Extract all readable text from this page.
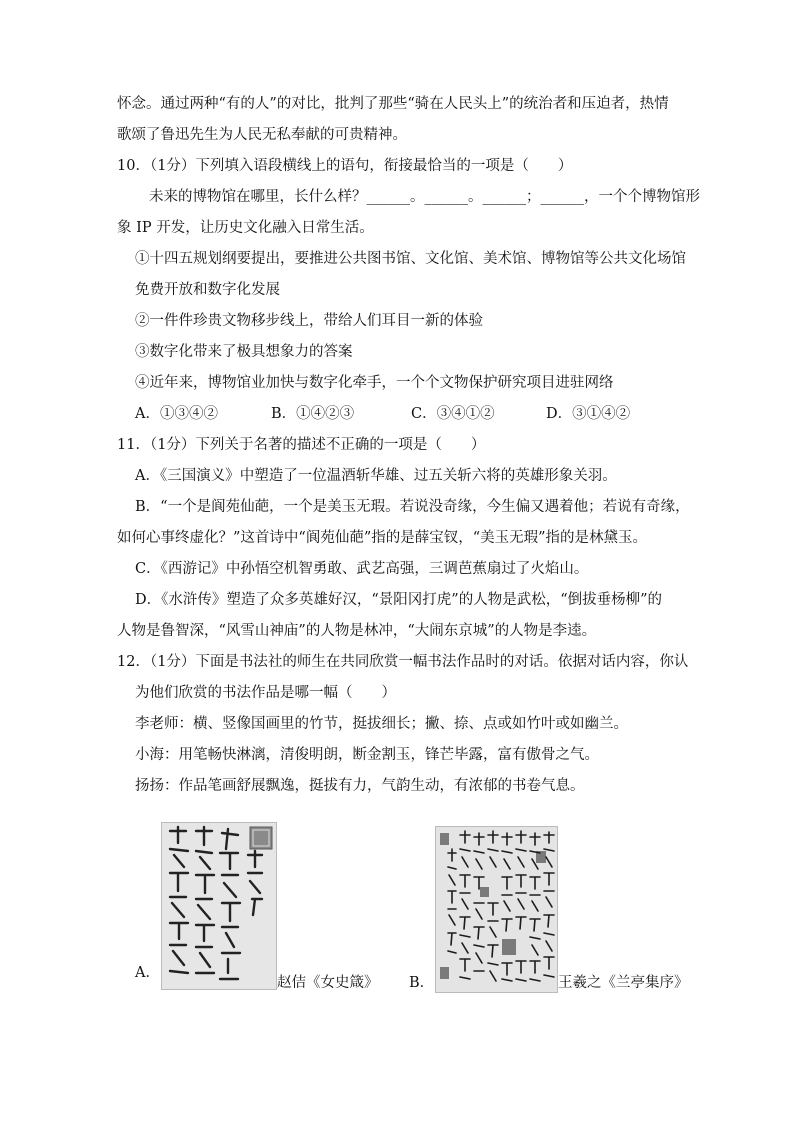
怀念。通过两种“有的人”的对比，批判了那些“骑在人民头上”的统治者和压迫者，热情
歌颂了鲁迅先生为人民无私奉献的可贵精神。
10．（1分）下列填入语段横线上的语句，衔接最恰当的一项是（　　）
未来的博物馆在哪里，长什么样？______。______。______；______，一个个博物馆形
象 IP 开发，让历史文化融入日常生活。
①十四五规划纲要提出，要推进公共图书馆、文化馆、美术馆、博物馆等公共文化场馆
免费开放和数字化发展
②一件件珍贵文物移步线上，带给人们耳目一新的体验
③数字化带来了极具想象力的答案
④近年来，博物馆业加快与数字化牵手，一个个文物保护研究项目进驻网络
A．①③④②	B．①④②③	C．③④①②	D．③①④②
11．（1分）下列关于名著的描述不正确的一项是（　　）
A．《三国演义》中塑造了一位温酒斩华雄、过五关斩六将的英雄形象关羽。
B．“一个是阆苑仙葩，一个是美玉无瑕。若说没奇缘，今生偏又遇着他；若说有奇缘，
如何心事终虚化？”这首诗中“阆苑仙葩”指的是薛宝钗，“美玉无瑕”指的是林黛玉。
C．《西游记》中孙悟空机智勇敢、武艺高强，三调芭蕉扇过了火焰山。
D．《水浒传》塑造了众多英雄好汉，“景阳冈打虎”的人物是武松，“倒拔垂杨柳”的
人物是鲁智深，“风雪山神庙”的人物是林冲，“大闹东京城”的人物是李逵。
12．（1分）下面是书法社的师生在共同欣赏一幅书法作品时的对话。依据对话内容，你认
为他们欣赏的书法作品是哪一幅（　　）
李老师：横、竖像国画里的竹节，挺拔细长；撇、捺、点或如竹叶或如幽兰。
小海：用笔畅快淋漓，清俊明朗，断金割玉，锋芒毕露，富有傲骨之气。
扬扬：作品笔画舒展飘逸，挺拔有力，气韵生动，有浓郁的书卷气息。
A．
赵佶《女史箴》 B．	王羲之《兰亭集序》
